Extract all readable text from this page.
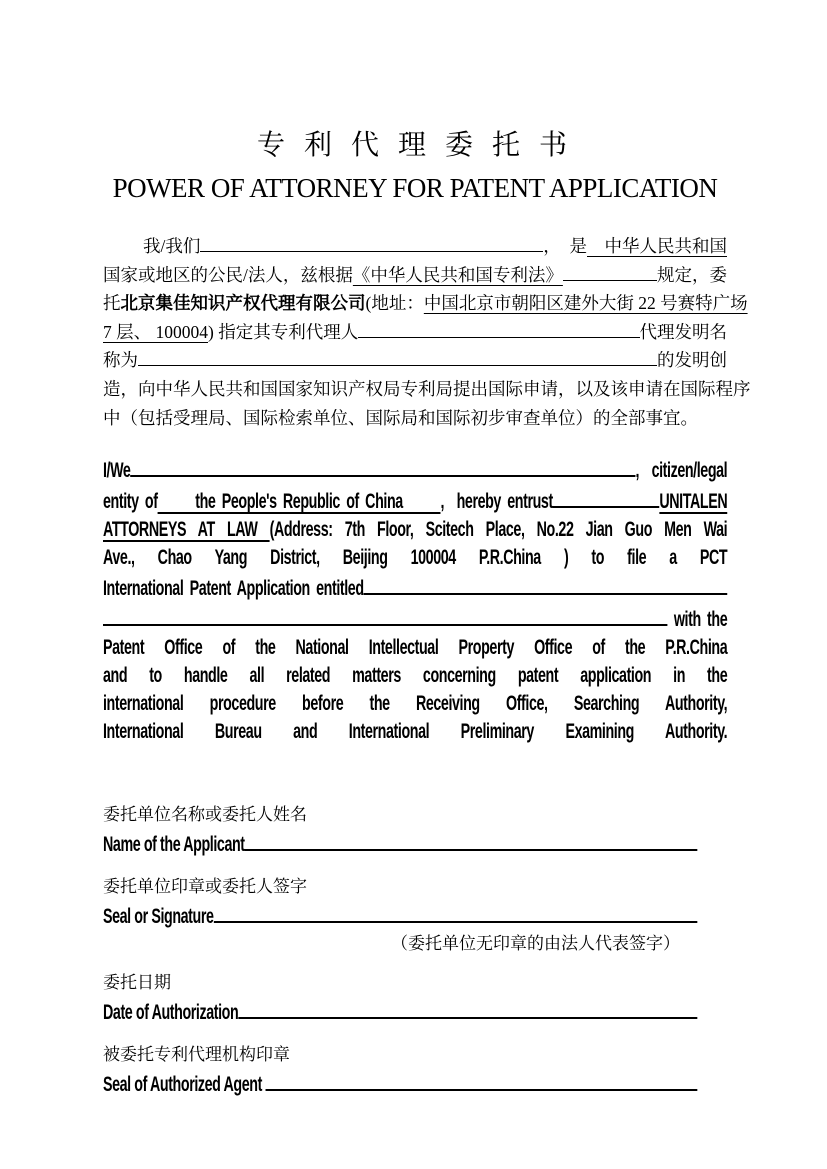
专 利 代 理 委 托 书
POWER OF ATTORNEY FOR PATENT APPLICATION
我/我们	，　是 　中华人民共和国
国家或地区的公民/法人，兹根据 《中华人民共和国专利法》	规定，委
托 北京集佳知识产权代理有限公司 (地址： 中国北京市朝阳区建外大街 22 号赛特广场
7 层、 100004 ) 指定其专利代理人	代理发明名
称为	的发明创
造，向中华人民共和国国家知识产权局专利局提出国际申请，以及该申请在国际程序
中（包括受理局、国际检索单位、国际局和国际初步审查单位）的全部事宜。
I/We	,  citizen/legal
entity of the People's Republic of China ,  hereby entrust	UNITALEN
ATTORNEYS AT LAW (Address: 7th Floor, Scitech Place, No.22 Jian Guo Men Wai
Ave., Chao Yang District, Beijing 100004 P.R.China ) to file a PCT
International Patent Application entitled
with the
Patent Office of the National Intellectual Property Office of the P.R.China
and to handle all related matters concerning patent application in the
international procedure before the Receiving Office, Searching Authority,
International Bureau and International Preliminary Examining Authority.
委托单位名称或委托人姓名
Name of the Applicant
委托单位印章或委托人签字
Seal or Signature
（委托单位无印章的由法人代表签字）
委托日期
Date of Authorization
被委托专利代理机构印章
Seal of Authorized Agent
